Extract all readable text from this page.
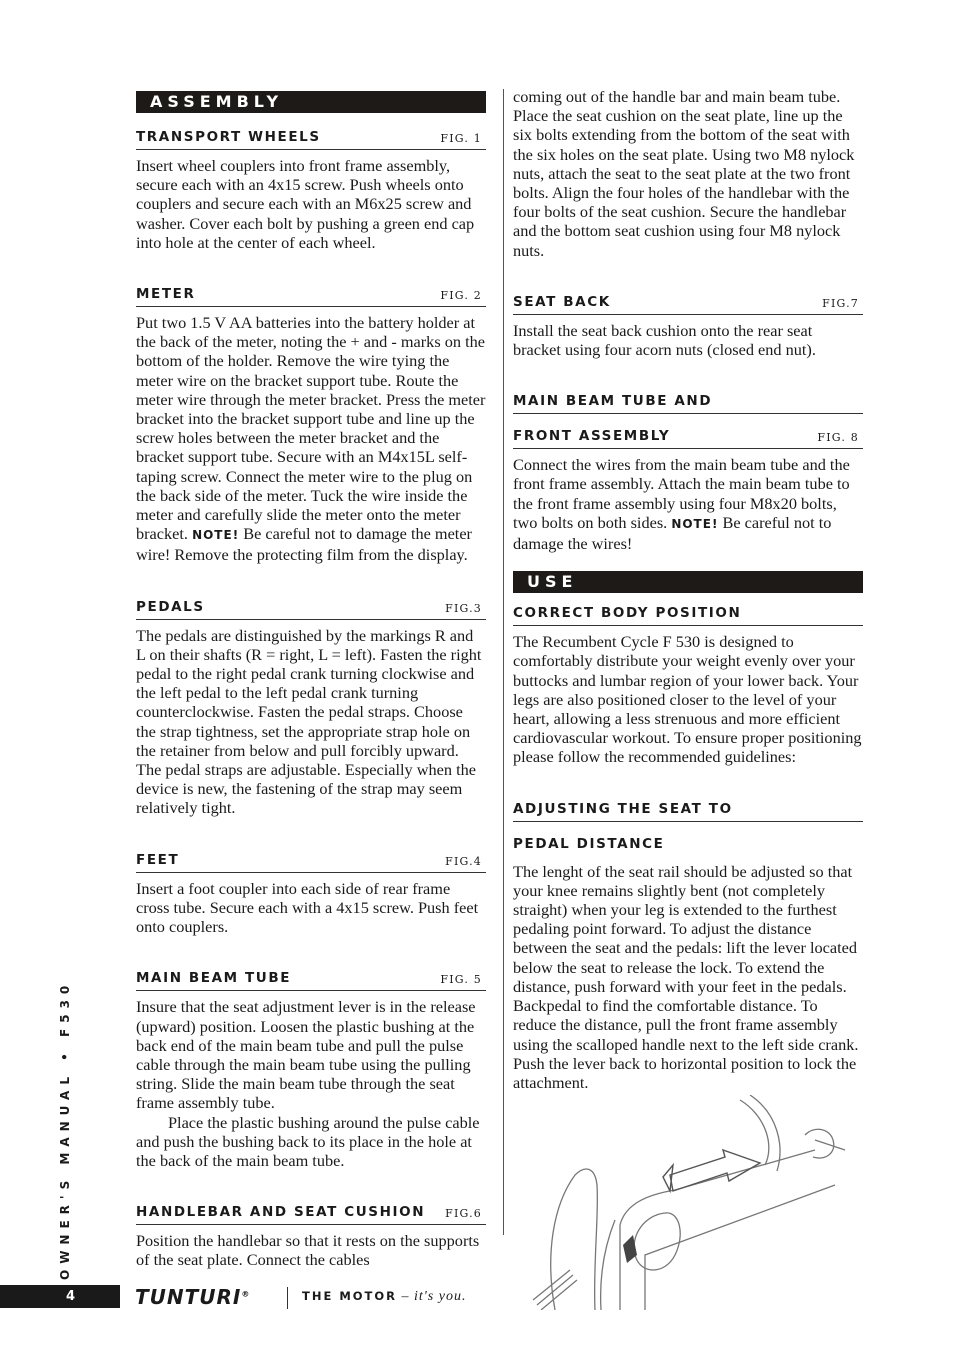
ASSEMBLY
TRANSPORT WHEELS	FIG. 1

Insert wheel couplers into front frame assembly, secure each with an 4x15 screw. Push wheels onto couplers and secure each with an M6x25 screw and washer. Cover each bolt by pushing a green end cap into hole at the center of each wheel.

METER	FIG. 2

Put two 1.5 V AA batteries into the battery holder at the back of the meter, noting the + and - marks on the bottom of the holder. Remove the wire tying the meter wire on the bracket support tube. Route the meter wire through the meter bracket. Press the meter bracket into the bracket support tube and line up the screw holes between the meter bracket and the bracket support tube. Secure with an M4x15L self-taping screw. Connect the meter wire to the plug on the back side of the meter. Tuck the wire inside the meter and carefully slide the meter onto the meter bracket. NOTE! Be careful not to damage the meter wire! Remove the protecting film from the display.

PEDALS	FIG.3

The pedals are distinguished by the markings R and L on their shafts (R = right, L = left). Fasten the right pedal to the right pedal crank turning clockwise and the left pedal to the left pedal crank turning counterclockwise. Fasten the pedal straps. Choose the strap tightness, set the appropriate strap hole on the retainer from below and pull forcibly upward. The pedal straps are adjustable. Especially when the device is new, the fastening of the strap may seem relatively tight.

FEET	FIG.4

Insert a foot coupler into each side of rear frame cross tube. Secure each with a 4x15 screw. Push feet onto couplers.

MAIN BEAM TUBE	FIG. 5

Insure that the seat adjustment lever is in the release (upward) position. Loosen the plastic bushing at the back end of the main beam tube and pull the pulse cable through the main beam tube using the pulling string. Slide the main beam tube through the seat frame assembly tube.

Place the plastic bushing around the pulse cable and push the bushing back to its place in the hole at the back of the main beam tube.

HANDLEBAR AND SEAT CUSHION FIG.6

Position the handlebar so that it rests on the supports of the seat plate. Connect the cables

coming out of the handle bar and main beam tube. Place the seat cushion on the seat plate, line up the six bolts extending from the bottom of the seat with the six holes on the seat plate. Using two M8 nylock nuts, attach the seat to the seat plate at the two front bolts. Align the four holes of the handlebar with the four bolts of the seat cushion. Secure the handlebar and the bottom seat cushion using four M8 nylock nuts.

SEAT BACK	FIG.7

Install the seat back cushion onto the rear seat bracket using four acorn nuts (closed end nut).

MAIN BEAM TUBE AND
FRONT ASSEMBLY	FIG. 8

Connect the wires from the main beam tube and the front frame assembly. Attach the main beam tube to the front frame assembly using four M8x20 bolts, two bolts on both sides. NOTE! Be careful not to damage the wires!

USE
CORRECT BODY POSITION

The Recumbent Cycle F 530 is designed to comfortably distribute your weight evenly over your buttocks and lumbar region of your lower back. Your legs are also positioned closer to the level of your heart, allowing a less strenuous and more efficient cardiovascular workout. To ensure proper positioning please follow the recommended guidelines:

ADJUSTING THE SEAT TO
PEDAL DISTANCE

The lenght of the seat rail should be adjusted so that your knee remains slightly bent (not completely straight) when your leg is extended to the furthest pedaling point forward. To adjust the distance between the seat and the pedals: lift the lever located below the seat to release the lock. To extend the distance, push forward with your feet in the pedals. Backpedal to find the comfortable distance. To reduce the distance, pull the front frame assembly using the scalloped handle next to the left side crank. Push the lever back to horizontal position to lock the attachment.

OWNER'S MANUAL • F530
4	TUNTURI®	THE MOTOR – it's you.
